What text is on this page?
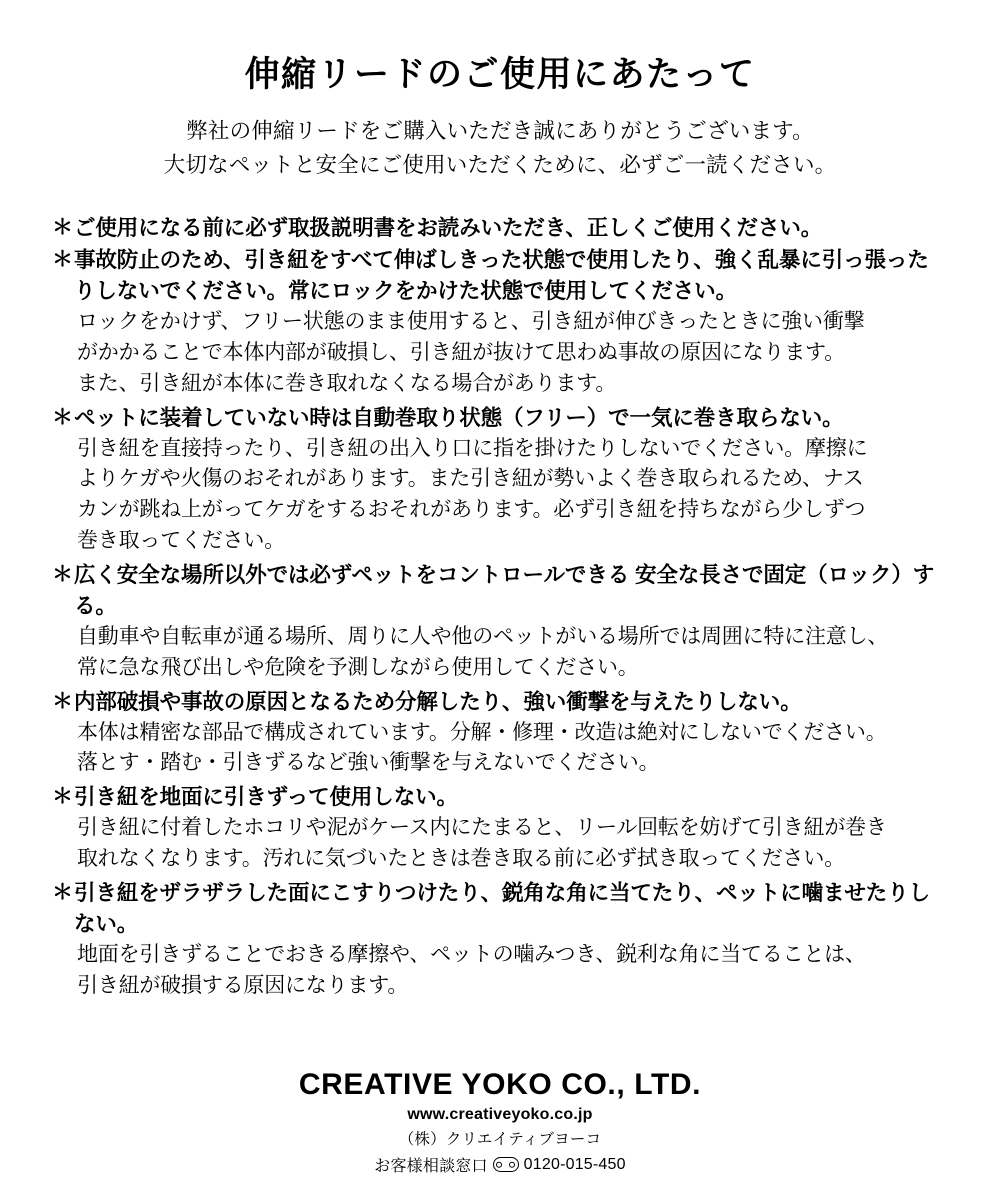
伸縮リードのご使用にあたって
弊社の伸縮リードをご購入いただき誠にありがとうございます。
大切なペットと安全にご使用いただくために、必ずご一読ください。
＊ ご使用になる前に必ず取扱説明書をお読みいただき、正しくご使用ください。
＊ 事故防止のため、引き紐をすべて伸ばしきった状態で使用したり、強く乱暴に引っ張ったりしないでください。常にロックをかけた状態で使用してください。

ロックをかけず、フリー状態のまま使用すると、引き紐が伸びきったときに強い衝撃

がかかることで本体内部が破損し、引き紐が抜けて思わぬ事故の原因になります。

また、引き紐が本体に巻き取れなくなる場合があります。

＊ ペットに装着していない時は自動巻取り状態（フリー）で一気に巻き取らない。

引き紐を直接持ったり、引き紐の出入り口に指を掛けたりしないでください。摩擦に

よりケガや火傷のおそれがあります。また引き紐が勢いよく巻き取られるため、ナス

カンが跳ね上がってケガをするおそれがあります。必ず引き紐を持ちながら少しずつ

巻き取ってください。

＊ 広く安全な場所以外では必ずペットをコントロールできる 安全な長さで固定（ロック）する。

自動車や自転車が通る場所、周りに人や他のペットがいる場所では周囲に特に注意し、

常に急な飛び出しや危険を予測しながら使用してください。

＊ 内部破損や事故の原因となるため分解したり、強い衝撃を与えたりしない。

本体は精密な部品で構成されています。分解・修理・改造は絶対にしないでください。

落とす・踏む・引きずるなど強い衝撃を与えないでください。

＊ 引き紐を地面に引きずって使用しない。

引き紐に付着したホコリや泥がケース内にたまると、リール回転を妨げて引き紐が巻き

取れなくなります。汚れに気づいたときは巻き取る前に必ず拭き取ってください。

＊ 引き紐をザラザラした面にこすりつけたり、鋭角な角に当てたり、ペットに噛ませたりしない。

地面を引きずることでおきる摩擦や、ペットの噛みつき、鋭利な角に当てることは、

引き紐が破損する原因になります。

CREATIVE YOKO CO., LTD.
www.creativeyoko.co.jp
（株）クリエイティブヨーコ
お客様相談窓口 0120-015-450
